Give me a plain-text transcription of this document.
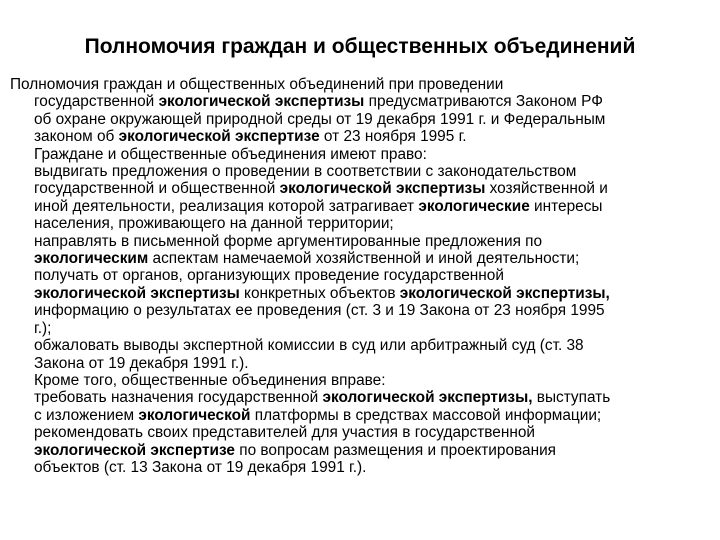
Полномочия граждан и общественных объединений
Полномочия граждан и общественных объединений при проведении
государственной экологической экспертизы предусматриваются Законом РФ
об охране окружающей природной среды от 19 декабря 1991 г. и Федеральным
законом об экологической экспертизе от 23 ноября 1995 г.
Граждане и общественные объединения имеют право:
выдвигать предложения о проведении в соответствии с законодательством
государственной и общественной экологической экспертизы хозяйственной и
иной деятельности, реализация которой затрагивает экологические интересы
населения, проживающего на данной территории;
направлять в письменной форме аргументированные предложения по
экологическим аспектам намечаемой хозяйственной и иной деятельности;
получать от органов, организующих проведение государственной
экологической экспертизы конкретных объектов экологической экспертизы,
информацию о результатах ее проведения (ст. 3 и 19 Закона от 23 ноября 1995
г.);
обжаловать выводы экспертной комиссии в суд или арбитражный суд (ст. 38
Закона от 19 декабря 1991 г.).
Кроме того, общественные объединения вправе:
требовать назначения государственной экологической экспертизы, выступать
с изложением экологической платформы в средствах массовой информации;
рекомендовать своих представителей для участия в государственной
экологической экспертизе по вопросам размещения и проектирования
объектов (ст. 13 Закона от 19 декабря 1991 г.).
